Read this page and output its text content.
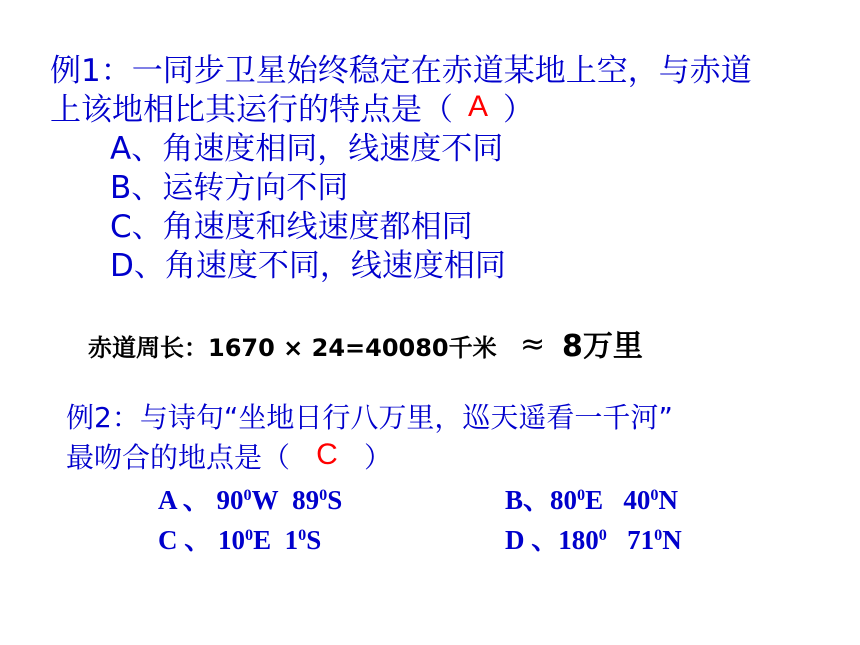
例1：一同步卫星始终稳定在赤道某地上空，与赤道
上该地相比其运行的特点是（ A ）
A、角速度相同，线速度不同
B、运转方向不同
C、角速度和线速度都相同
D、角速度不同，线速度相同
赤道周长：1670 × 24=40080千米 ≈ 8万里
例2：与诗句“坐地日行八万里，巡天遥看一千河”
最吻合的地点是（ C ）
A 、 $90^0W$ $89^0S$	B、$80^0E$ $40^0N$
C 、 $10^0E$ $1^0S$	D 、$180^0$ $71^0N$
